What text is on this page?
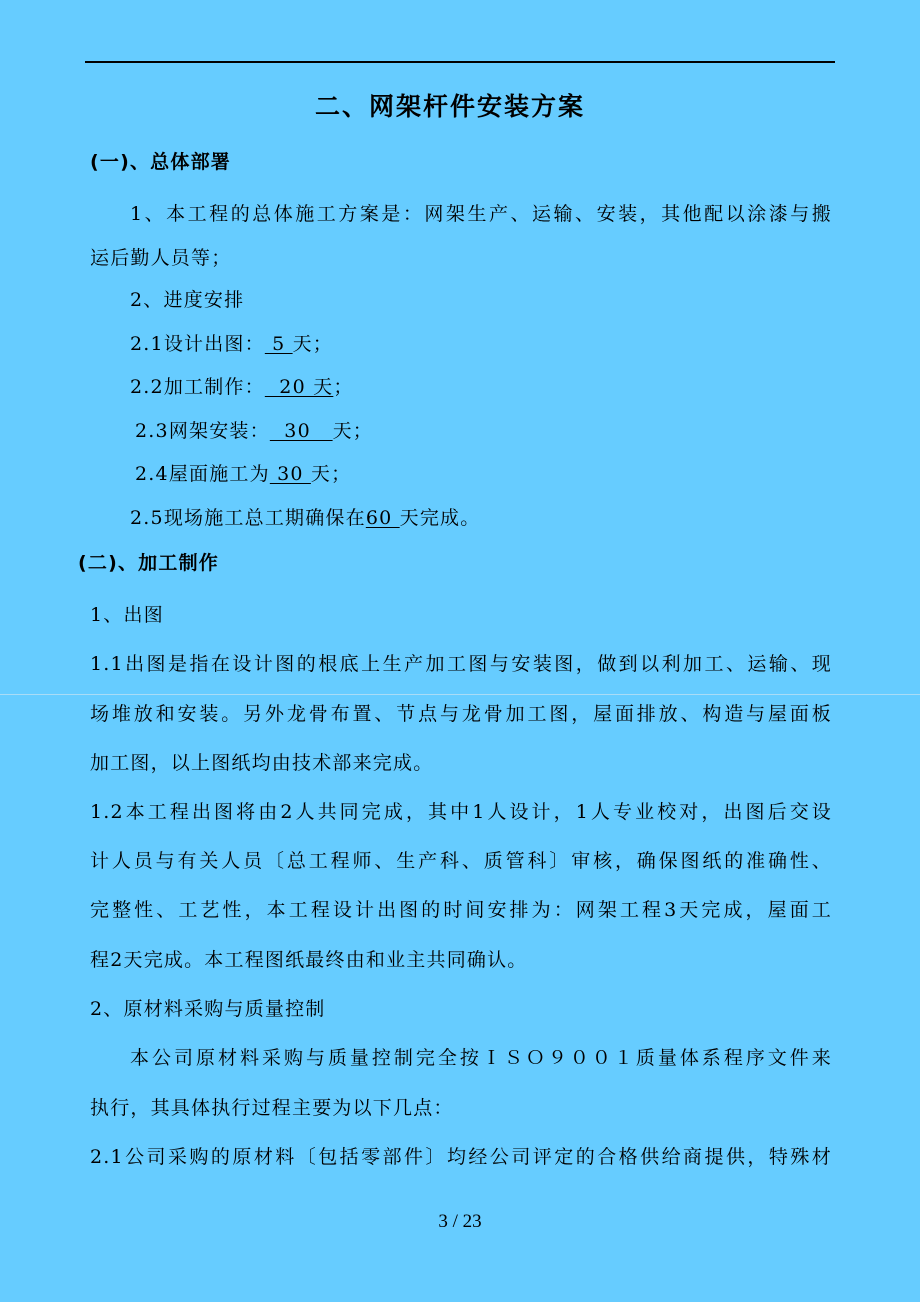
二、网架杆件安装方案
(一)、总体部署
1、本工程的总体施工方案是：网架生产、运输、安装，其他配以涂漆与搬
运后勤人员等；
2、进度安排
2.1设计出图： 5 天；
2.2加工制作：  20 天；
2.3网架安装：  30   天；
2.4屋面施工为 30 天；
2.5现场施工总工期确保在60 天完成。
(二)、加工制作
1、出图
1.1出图是指在设计图的根底上生产加工图与安装图，做到以利加工、运输、现
场堆放和安装。另外龙骨布置、节点与龙骨加工图，屋面排放、构造与屋面板
加工图，以上图纸均由技术部来完成。
1.2本工程出图将由2人共同完成，其中1人设计，1人专业校对，出图后交设
计人员与有关人员〔总工程师、生产科、质管科〕审核，确保图纸的准确性、
完整性、工艺性，本工程设计出图的时间安排为：网架工程3天完成，屋面工
程2天完成。本工程图纸最终由和业主共同确认。
2、原材料采购与质量控制
本公司原材料采购与质量控制完全按ＩＳＯ９００１质量体系程序文件来
执行，其具体执行过程主要为以下几点：
2.1公司采购的原材料〔包括零部件〕均经公司评定的合格供给商提供，特殊材
3 / 23
